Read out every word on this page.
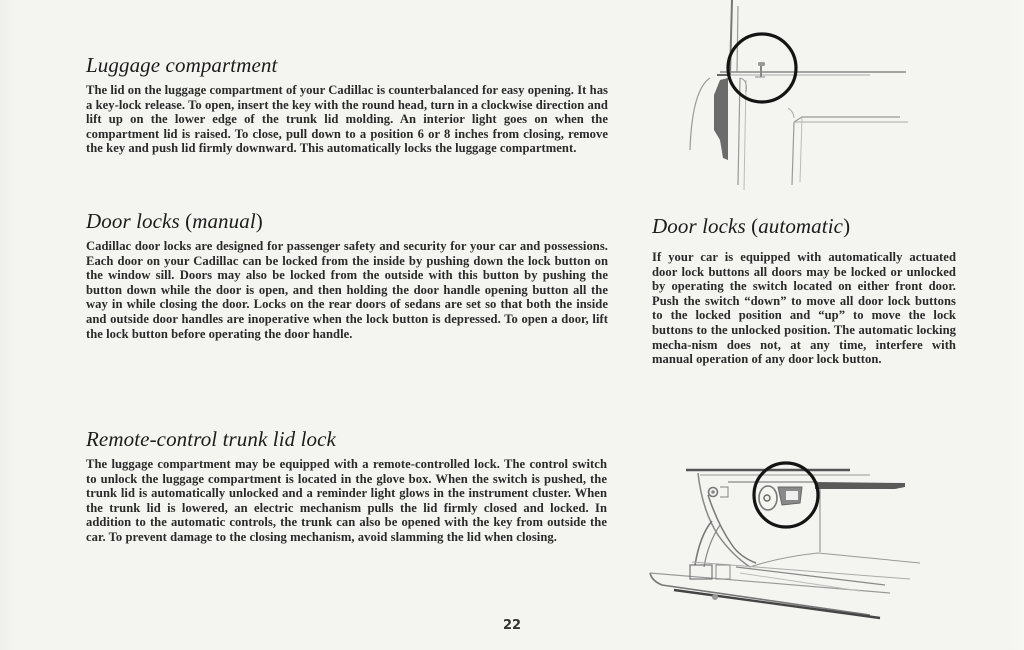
Luggage compartment

The lid on the luggage compartment of your Cadillac is counterbalanced for easy opening. It has a key-lock release. To open, insert the key with the round head, turn in a clockwise direction and lift up on the lower edge of the trunk lid molding. An interior light goes on when the compartment lid is raised. To close, pull down to a position 6 or 8 inches from closing, remove the key and push lid firmly downward. This automatically locks the luggage compartment.

Door locks (manual)

Cadillac door locks are designed for passenger safety and security for your car and possessions. Each door on your Cadillac can be locked from the inside by pushing down the lock button on the window sill. Doors may also be locked from the outside with this button by pushing the button down while the door is open, and then holding the door handle opening button all the way in while closing the door. Locks on the rear doors of sedans are set so that both the inside and outside door handles are inoperative when the lock button is depressed. To open a door, lift the lock button before operating the door handle.

Remote-control trunk lid lock

The luggage compartment may be equipped with a remote-controlled lock. The control switch to unlock the luggage compartment is located in the glove box. When the switch is pushed, the trunk lid is automatically unlocked and a reminder light glows in the instrument cluster. When the trunk lid is lowered, an electric mechanism pulls the lid firmly closed and locked. In addition to the automatic controls, the trunk can also be opened with the key from outside the car. To prevent damage to the closing mechanism, avoid slamming the lid when closing.

Door locks (automatic)

If your car is equipped with automatically actuated door lock buttons all doors may be locked or unlocked by operating the switch located on either front door. Push the switch “down” to move all door lock buttons to the locked position and “up” to move the lock buttons to the unlocked position. The automatic locking mecha-nism does not, at any time, interfere with manual operation of any door lock button.

22
